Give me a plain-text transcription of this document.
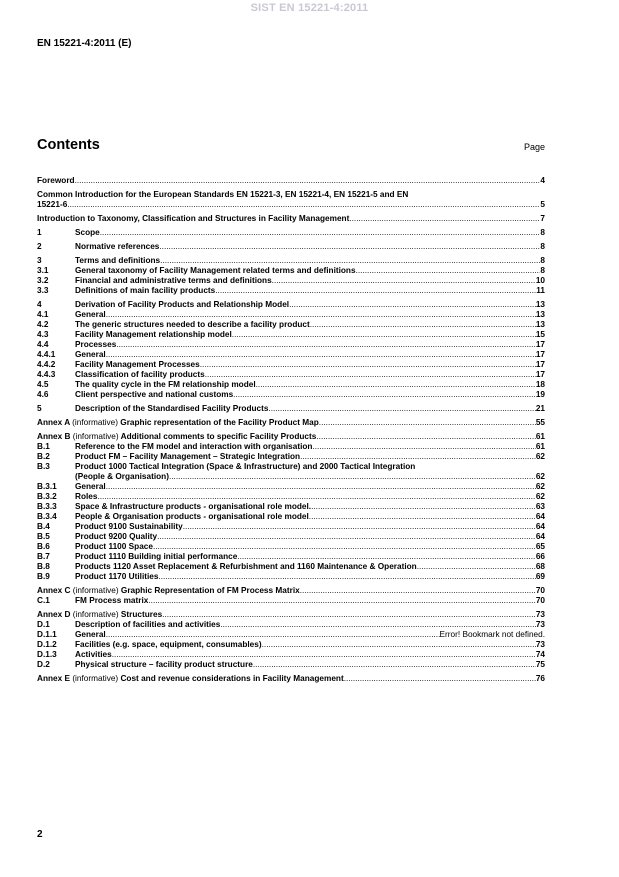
SIST EN 15221-4:2011
EN 15221-4:2011 (E)
Contents	Page
Foreword .....	4
Common Introduction for the European Standards EN 15221-3, EN 15221-4, EN 15221-5 and EN
15221-6 .....	5
Introduction to Taxonomy, Classification and Structures in Facility Management .....	7
1	Scope .....	8
2	Normative references .....	8
3	Terms and definitions .....	8
3.1	General taxonomy of Facility Management related terms and definitions .....	8
3.2	Financial and administrative terms and definitions .....	10
3.3	Definitions of main facility products .....	11
4	Derivation of Facility Products and Relationship Model .....	13
4.1	General .....	13
4.2	The generic structures needed to describe a facility product .....	13
4.3	Facility Management relationship model .....	15
4.4	Processes .....	17
4.4.1	General .....	17
4.4.2	Facility Management Processes .....	17
4.4.3	Classification of facility products .....	17
4.5	The quality cycle in the FM relationship model .....	18
4.6	Client perspective and national customs .....	19
5	Description of the Standardised Facility Products .....	21
Annex A (informative) Graphic representation of the Facility Product Map .....	55
Annex B (informative) Additional comments to specific Facility Products .....	61
B.1	Reference to the FM model and interaction with organisation .....	61
B.2	Product FM – Facility Management – Strategic Integration .....	62
B.3	Product 1000 Tactical Integration (Space & Infrastructure) and 2000 Tactical Integration
(People & Organisation) .....	62
B.3.1	General .....	62
B.3.2	Roles .....	62
B.3.3	Space & Infrastructure products - organisational role model. .....	63
B.3.4	People & Organisation products - organisational role model .....	64
B.4	Product 9100 Sustainability .....	64
B.5	Product 9200 Quality .....	64
B.6	Product 1100 Space .....	65
B.7	Product 1110 Building initial performance .....	66
B.8	Products 1120 Asset Replacement & Refurbishment and 1160 Maintenance & Operation .....	68
B.9	Product 1170 Utilities .....	69
Annex C (informative) Graphic Representation of FM Process Matrix .....	70
C.1	FM Process matrix .....	70
Annex D (informative) Structures .....	73
D.1	Description of facilities and activities .....	73
D.1.1	General .....	Error! Bookmark not defined.
D.1.2	Facilities (e.g. space, equipment, consumables) .....	73
D.1.3	Activities .....	74
D.2	Physical structure – facility product structure .....	75
Annex E (informative) Cost and revenue considerations in Facility Management .....	76
2
